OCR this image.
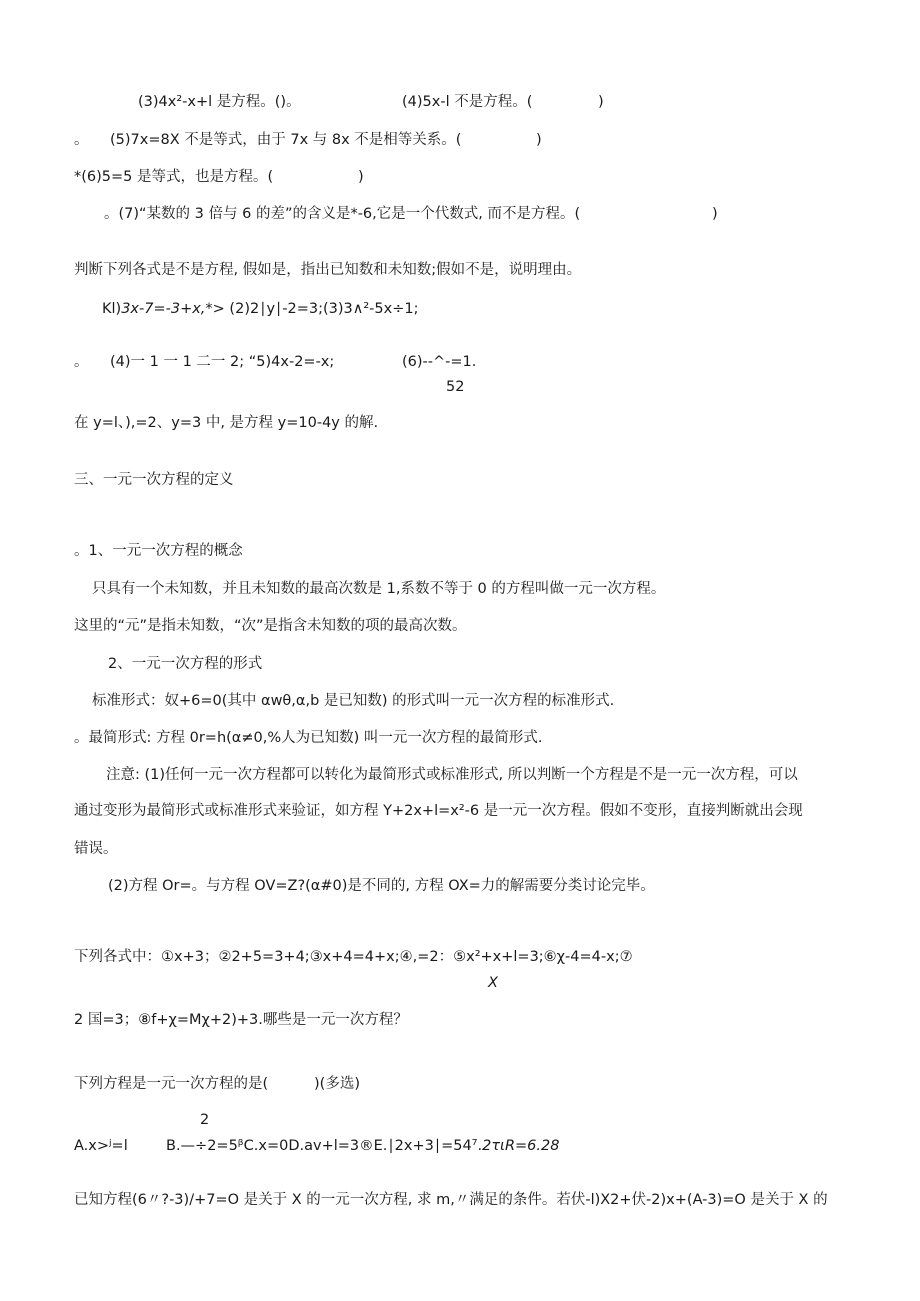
(3)4x²-x+l 是方程。()。	(4)5x-l 不是方程。(	)
。 (5)7x=8X 不是等式，由于 7x 与 8x 不是相等关系。(	)
*(6)5=5 是等式，也是方程。(	)
。(7)“某数的 3 倍与 6 的差”的含义是*-6,它是一个代数式, 而不是方程。(	)
判断下列各式是不是方程, 假如是，指出已知数和未知数;假如不是，说明理由。
Kl)3x-7=-3+x,*> (2)2∣y∣-2=3;(3)3∧²-5x÷1;
。 (4)一 1 一 1 二一 2; “5)4x-2=-x;	(6)--^-=1.
52
在 y=l、),=2、y=3 中, 是方程 y=10-4y 的解.
三、一元一次方程的定义
。1、一元一次方程的概念
只具有一个未知数，并且未知数的最高次数是 1,系数不等于 0 的方程叫做一元一次方程。
这里的“元”是指未知数，“次”是指含未知数的项的最高次数。
2、一元一次方程的形式
标准形式：奴+6=0(其中 αwθ,α,b 是已知数) 的形式叫一元一次方程的标准形式.
。最简形式: 方程 0r=h(α≠0,%人为已知数) 叫一元一次方程的最简形式.
注意: (1)任何一元一次方程都可以转化为最简形式或标准形式, 所以判断一个方程是不是一元一次方程，可以
通过变形为最简形式或标准形式来验证，如方程 Y+2x+l=x²-6 是一元一次方程。假如不变形，直接判断就出会现
错误。
(2)方程 Or=。与方程 OV=Z?(α#0)是不同的, 方程 OX=力的解需要分类讨论完毕。
下列各式中：①x+3；②2+5=3+4;③x+4=4+x;④,=2：⑤x²+x+l=3;⑥χ-4=4-x;⑦
X
2 国=3；⑧f+χ=Mχ+2)+3.哪些是一元一次方程？
下列方程是一元一次方程的是(	)(多选)
2
A.x>ʲ=l	B.—÷2=5ᵝC.x=0D.av+l=3®E.∣2x+3∣=54⁷.2τιR=6.28
已知方程(6〃?-3)/+7=O 是关于 X 的一元一次方程, 求 m,〃满足的条件。若伏-l)X2+伏-2)x+(A-3)=O 是关于 X 的
